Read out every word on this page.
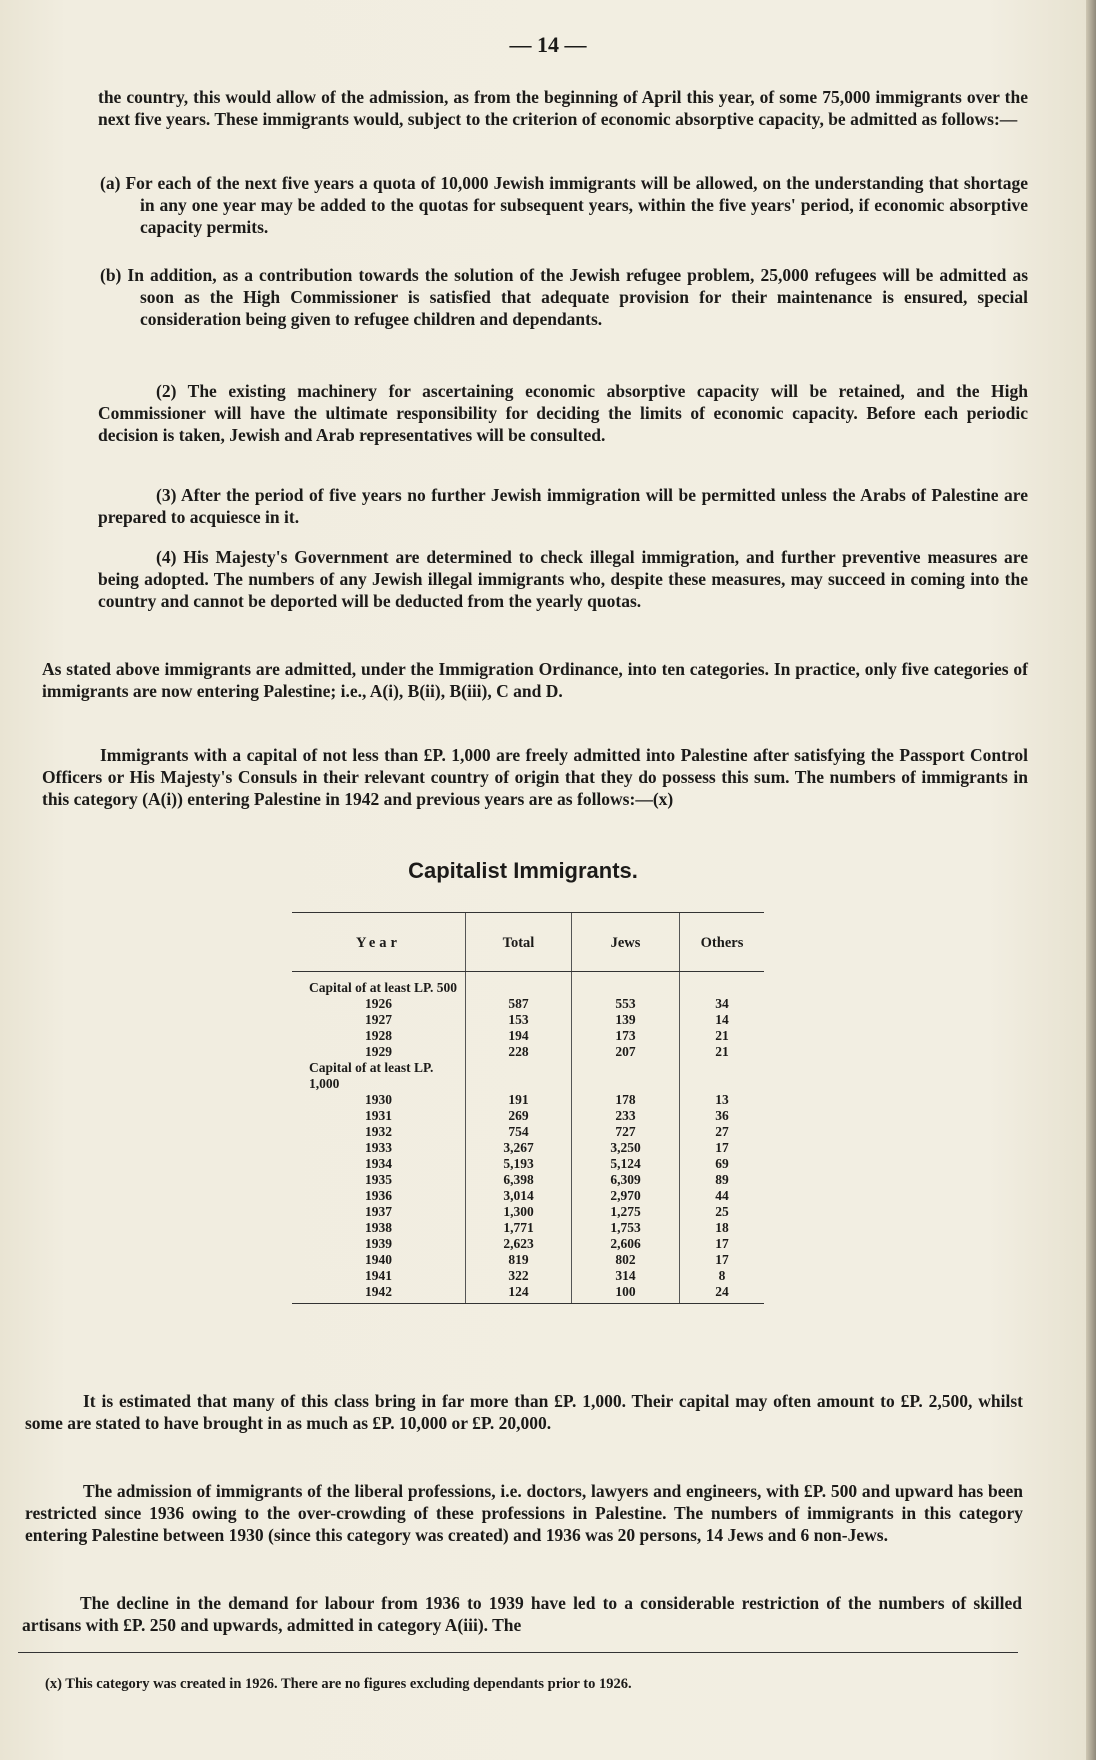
— 14 —

the country, this would allow of the admission, as from the beginning of April this year, of some 75,000 immigrants over the next five years. These immigrants would, subject to the criterion of economic absorptive capacity, be admitted as follows:—

(a) For each of the next five years a quota of 10,000 Jewish immigrants will be allowed, on the understanding that shortage in any one year may be added to the quotas for subsequent years, within the five years' period, if economic absorptive capacity permits.

(b) In addition, as a contribution towards the solution of the Jewish refugee problem, 25,000 refugees will be admitted as soon as the High Commissioner is satisfied that adequate provision for their maintenance is ensured, special consideration being given to refugee children and dependants.

(2) The existing machinery for ascertaining economic absorptive capacity will be retained, and the High Commissioner will have the ultimate responsibility for deciding the limits of economic capacity. Before each periodic decision is taken, Jewish and Arab representatives will be consulted.

(3) After the period of five years no further Jewish immigration will be permitted unless the Arabs of Palestine are prepared to acquiesce in it.

(4) His Majesty's Government are determined to check illegal immigration, and further preventive measures are being adopted. The numbers of any Jewish illegal immigrants who, despite these measures, may succeed in coming into the country and cannot be deported will be deducted from the yearly quotas.

As stated above immigrants are admitted, under the Immigration Ordinance, into ten categories. In practice, only five categories of immigrants are now entering Palestine; i.e., A(i), B(ii), B(iii), C and D.

Immigrants with a capital of not less than £P. 1,000 are freely admitted into Palestine after satisfying the Passport Control Officers or His Majesty's Consuls in their relevant country of origin that they do possess this sum. The numbers of immigrants in this category (A(i)) entering Palestine in 1942 and previous years are as follows:—(x)

Capitalist Immigrants.
Year	Total	Jews	Others
Capital of at least LP. 500			
1926	587	553	34
1927	153	139	14
1928	194	173	21
1929	228	207	21
Capital of at least LP. 1,000			
1930	191	178	13
1931	269	233	36
1932	754	727	27
1933	3,267	3,250	17
1934	5,193	5,124	69
1935	6,398	6,309	89
1936	3,014	2,970	44
1937	1,300	1,275	25
1938	1,771	1,753	18
1939	2,623	2,606	17
1940	819	802	17
1941	322	314	8
1942	124	100	24

It is estimated that many of this class bring in far more than £P. 1,000. Their capital may often amount to £P. 2,500, whilst some are stated to have brought in as much as £P. 10,000 or £P. 20,000.

The admission of immigrants of the liberal professions, i.e. doctors, lawyers and engineers, with £P. 500 and upward has been restricted since 1936 owing to the over-crowding of these professions in Palestine. The numbers of immigrants in this category entering Palestine between 1930 (since this category was created) and 1936 was 20 persons, 14 Jews and 6 non-Jews.

The decline in the demand for labour from 1936 to 1939 have led to a considerable restriction of the numbers of skilled artisans with £P. 250 and upwards, admitted in category A(iii). The

(x) This category was created in 1926. There are no figures excluding dependants prior to 1926.
